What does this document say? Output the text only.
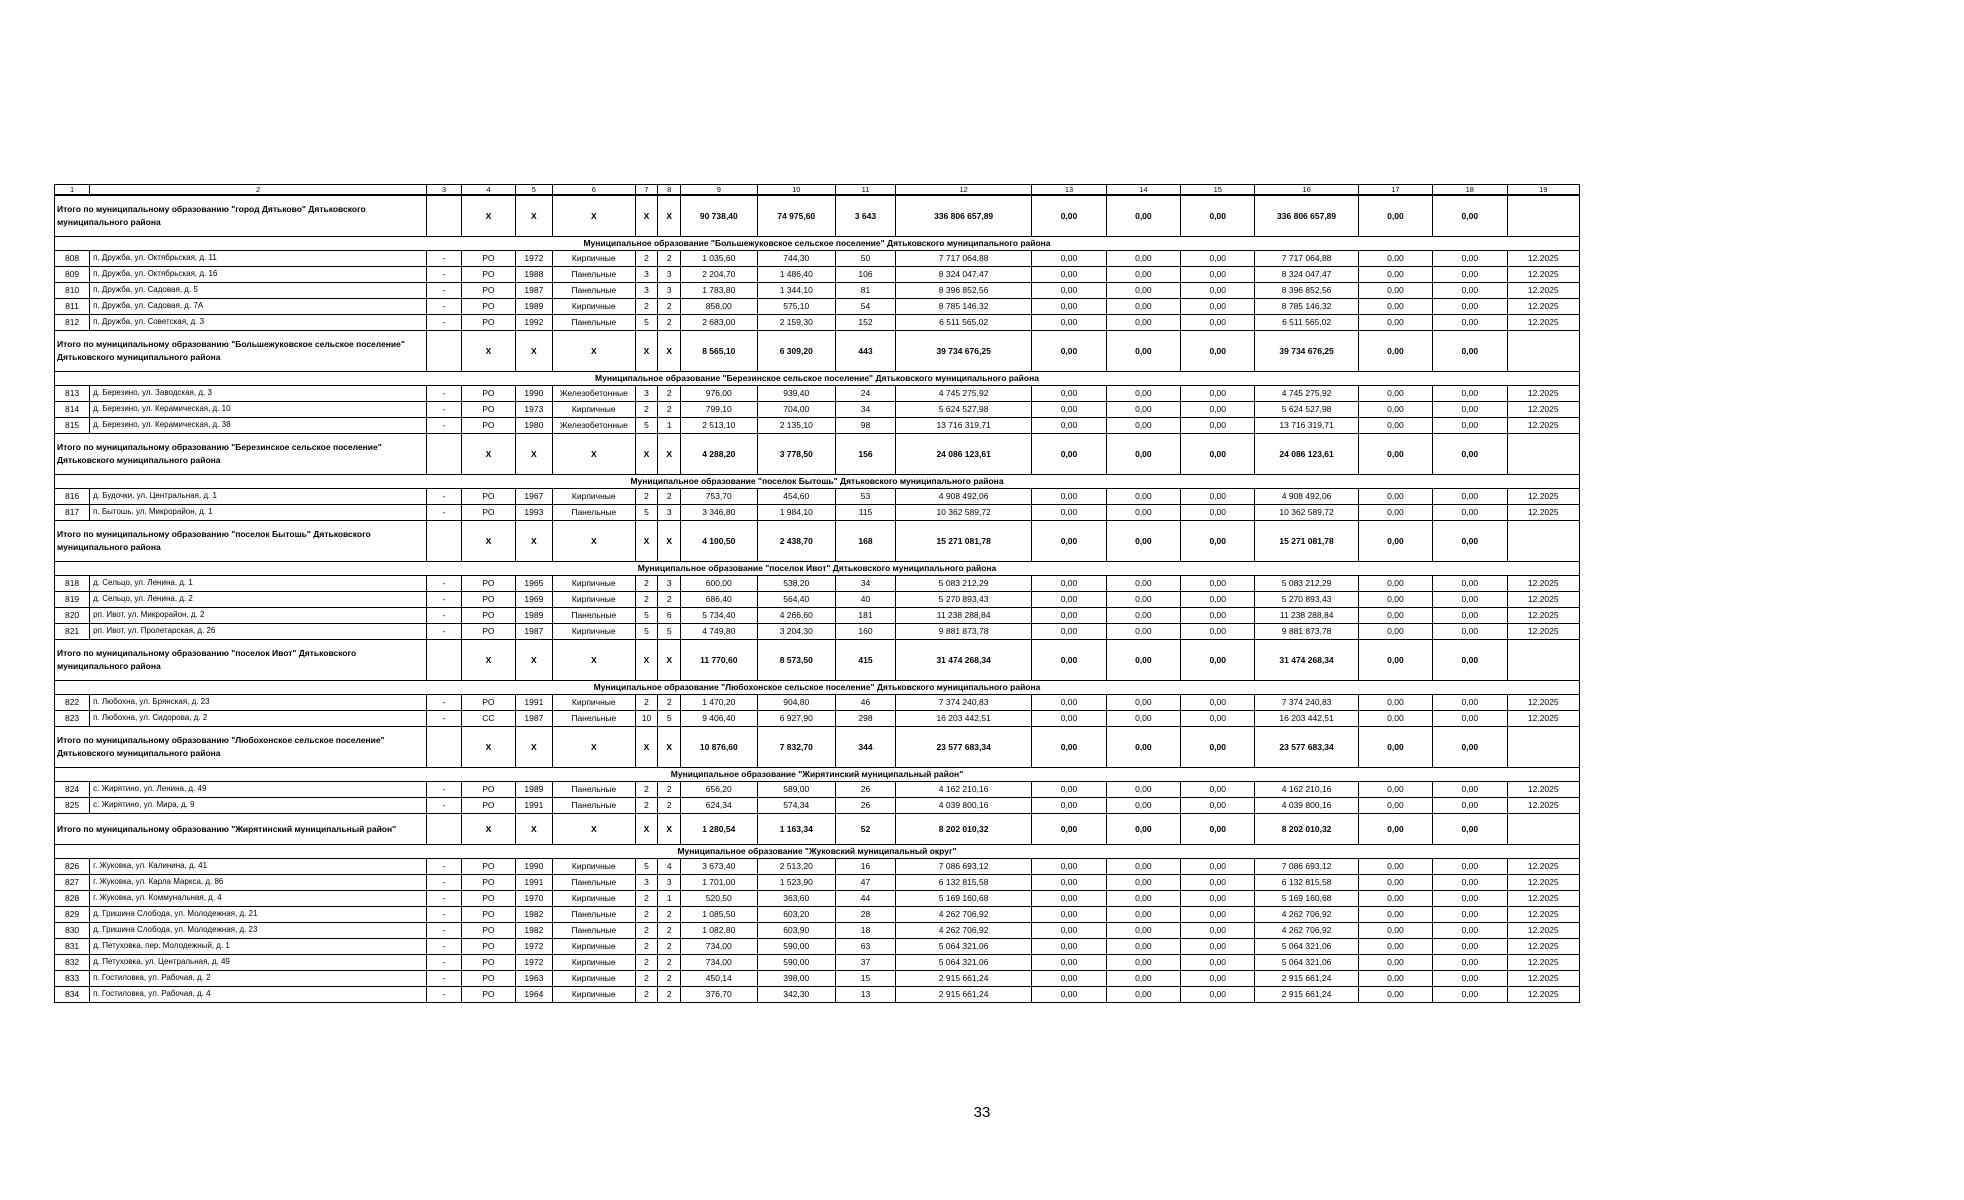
1	2	3	4	5	6	7	8	9	10	11	12	13	14	15	16	17	18	19
Итого по муниципальному образованию "город Дятьково" Дятьковского муниципального района			X	X	X	X	X	90 738,40	74 975,60	3 643	336 806 657,89	0,00	0,00	0,00	336 806 657,89	0,00	0,00	
Муниципальное образование "Большежуковское сельское поселение" Дятьковского муниципального района																		
808	п. Дружба, ул. Октябрьская, д. 11	-	РО	1972	Кирпичные	2	2	1 035,60	744,30	50	7 717 064,88	0,00	0,00	0,00	7 717 064,88	0,00	0,00	12.2025
809	п. Дружба, ул. Октябрьская, д. 16	-	РО	1988	Панельные	3	3	2 204,70	1 486,40	106	8 324 047,47	0,00	0,00	0,00	8 324 047,47	0,00	0,00	12.2025
810	п. Дружба, ул. Садовая, д. 5	-	РО	1987	Панельные	3	3	1 783,80	1 344,10	81	8 396 852,56	0,00	0,00	0,00	8 396 852,56	0,00	0,00	12.2025
811	п. Дружба, ул. Садовая, д. 7А	-	РО	1989	Кирпичные	2	2	858,00	575,10	54	8 785 146,32	0,00	0,00	0,00	8 785 146,32	0,00	0,00	12.2025
812	п. Дружба, ул. Советская, д. 3	-	РО	1992	Панельные	5	2	2 683,00	2 159,30	152	6 511 565,02	0,00	0,00	0,00	6 511 565,02	0,00	0,00	12.2025
Итого по муниципальному образованию "Большежуковское сельское поселение" Дятьковского муниципального района			X	X	X	X	X	8 565,10	6 309,20	443	39 734 676,25	0,00	0,00	0,00	39 734 676,25	0,00	0,00	
Муниципальное образование "Березинское сельское поселение" Дятьковского муниципального района																		
813	д. Березино, ул. Заводская, д. 3	-	РО	1990	Железобетонные	3	2	976,00	939,40	24	4 745 275,92	0,00	0,00	0,00	4 745 275,92	0,00	0,00	12.2025
814	д. Березино, ул. Керамическая, д. 10	-	РО	1973	Кирпичные	2	2	799,10	704,00	34	5 624 527,98	0,00	0,00	0,00	5 624 527,98	0,00	0,00	12.2025
815	д. Березино, ул. Керамическая, д. 38	-	РО	1980	Железобетонные	5	1	2 513,10	2 135,10	98	13 716 319,71	0,00	0,00	0,00	13 716 319,71	0,00	0,00	12.2025
Итого по муниципальному образованию "Березинское сельское поселение" Дятьковского муниципального района			X	X	X	X	X	4 288,20	3 778,50	156	24 086 123,61	0,00	0,00	0,00	24 086 123,61	0,00	0,00	
Муниципальное образование "поселок Бытошь" Дятьковского муниципального района																		
816	д. Будочки, ул. Центральная, д. 1	-	РО	1967	Кирпичные	2	2	753,70	454,60	53	4 908 492,06	0,00	0,00	0,00	4 908 492,06	0,00	0,00	12.2025
817	п. Бытошь, ул. Микрорайон, д. 1	-	РО	1993	Панельные	5	3	3 346,80	1 984,10	115	10 362 589,72	0,00	0,00	0,00	10 362 589,72	0,00	0,00	12.2025
Итого по муниципальному образованию "поселок Бытошь" Дятьковского муниципального района			X	X	X	X	X	4 100,50	2 438,70	168	15 271 081,78	0,00	0,00	0,00	15 271 081,78	0,00	0,00	
Муниципальное образование "поселок Ивот" Дятьковского муниципального района																		
818	д. Сельцо, ул. Ленина, д. 1	-	РО	1965	Кирпичные	2	3	600,00	538,20	34	5 083 212,29	0,00	0,00	0,00	5 083 212,29	0,00	0,00	12.2025
819	д. Сельцо, ул. Ленина, д. 2	-	РО	1969	Кирпичные	2	2	686,40	564,40	40	5 270 893,43	0,00	0,00	0,00	5 270 893,43	0,00	0,00	12.2025
820	рп. Ивот, ул. Микрорайон, д. 2	-	РО	1989	Панельные	5	6	5 734,40	4 266,60	181	11 238 288,84	0,00	0,00	0,00	11 238 288,84	0,00	0,00	12.2025
821	рп. Ивот, ул. Пролетарская, д. 26	-	РО	1987	Кирпичные	5	5	4 749,80	3 204,30	160	9 881 873,78	0,00	0,00	0,00	9 881 873,78	0,00	0,00	12.2025
Итого по муниципальному образованию "поселок Ивот" Дятьковского муниципального района			X	X	X	X	X	11 770,60	8 573,50	415	31 474 268,34	0,00	0,00	0,00	31 474 268,34	0,00	0,00	
Муниципальное образование "Любохонское сельское поселение" Дятьковского муниципального района																		
822	п. Любохна, ул. Брянская, д. 23	-	РО	1991	Кирпичные	2	2	1 470,20	904,80	46	7 374 240,83	0,00	0,00	0,00	7 374 240,83	0,00	0,00	12.2025
823	п. Любохна, ул. Сидорова, д. 2	-	СС	1987	Панельные	10	5	9 406,40	6 927,90	298	16 203 442,51	0,00	0,00	0,00	16 203 442,51	0,00	0,00	12.2025
Итого по муниципальному образованию "Любохонское сельское поселение" Дятьковского муниципального района			X	X	X	X	X	10 876,60	7 832,70	344	23 577 683,34	0,00	0,00	0,00	23 577 683,34	0,00	0,00	
Муниципальное образование "Жирятинский муниципальный район"																		
824	с. Жирятино, ул. Ленина, д. 49	-	РО	1989	Панельные	2	2	656,20	589,00	26	4 162 210,16	0,00	0,00	0,00	4 162 210,16	0,00	0,00	12.2025
825	с. Жирятино, ул. Мира, д. 9	-	РО	1991	Панельные	2	2	624,34	574,34	26	4 039 800,16	0,00	0,00	0,00	4 039 800,16	0,00	0,00	12.2025
Итого по муниципальному образованию "Жирятинский муниципальный район"			X	X	X	X	X	1 280,54	1 163,34	52	8 202 010,32	0,00	0,00	0,00	8 202 010,32	0,00	0,00	
Муниципальное образование "Жуковский муниципальный округ"																		
826	г. Жуковка, ул. Калинина, д. 41	-	РО	1990	Кирпичные	5	4	3 673,40	2 513,20	16	7 086 693,12	0,00	0,00	0,00	7 086 693,12	0,00	0,00	12.2025
827	г. Жуковка, ул. Карла Маркса, д. 86	-	РО	1991	Панельные	3	3	1 701,00	1 523,90	47	6 132 815,58	0,00	0,00	0,00	6 132 815,58	0,00	0,00	12.2025
828	г. Жуковка, ул. Коммунальная, д. 4	-	РО	1970	Кирпичные	2	1	520,50	363,60	44	5 169 160,68	0,00	0,00	0,00	5 169 160,68	0,00	0,00	12.2025
829	д. Гришина Слобода, ул. Молодежная, д. 21	-	РО	1982	Панельные	2	2	1 085,50	603,20	28	4 262 706,92	0,00	0,00	0,00	4 262 706,92	0,00	0,00	12.2025
830	д. Гришина Слобода, ул. Молодежная, д. 23	-	РО	1982	Панельные	2	2	1 082,80	603,90	18	4 262 706,92	0,00	0,00	0,00	4 262 706,92	0,00	0,00	12.2025
831	д. Петуховка, пер. Молодежный, д. 1	-	РО	1972	Кирпичные	2	2	734,00	590,00	63	5 064 321,06	0,00	0,00	0,00	5 064 321,06	0,00	0,00	12.2025
832	д. Петуховка, ул. Центральная, д. 49	-	РО	1972	Кирпичные	2	2	734,00	590,00	37	5 064 321,06	0,00	0,00	0,00	5 064 321,06	0,00	0,00	12.2025
833	п. Гостиловка, ул. Рабочая, д. 2	-	РО	1963	Кирпичные	2	2	450,14	398,00	15	2 915 661,24	0,00	0,00	0,00	2 915 661,24	0,00	0,00	12.2025
834	п. Гостиловка, ул. Рабочая, д. 4	-	РО	1964	Кирпичные	2	2	376,70	342,30	13	2 915 661,24	0,00	0,00	0,00	2 915 661,24	0,00	0,00	12.2025
33
